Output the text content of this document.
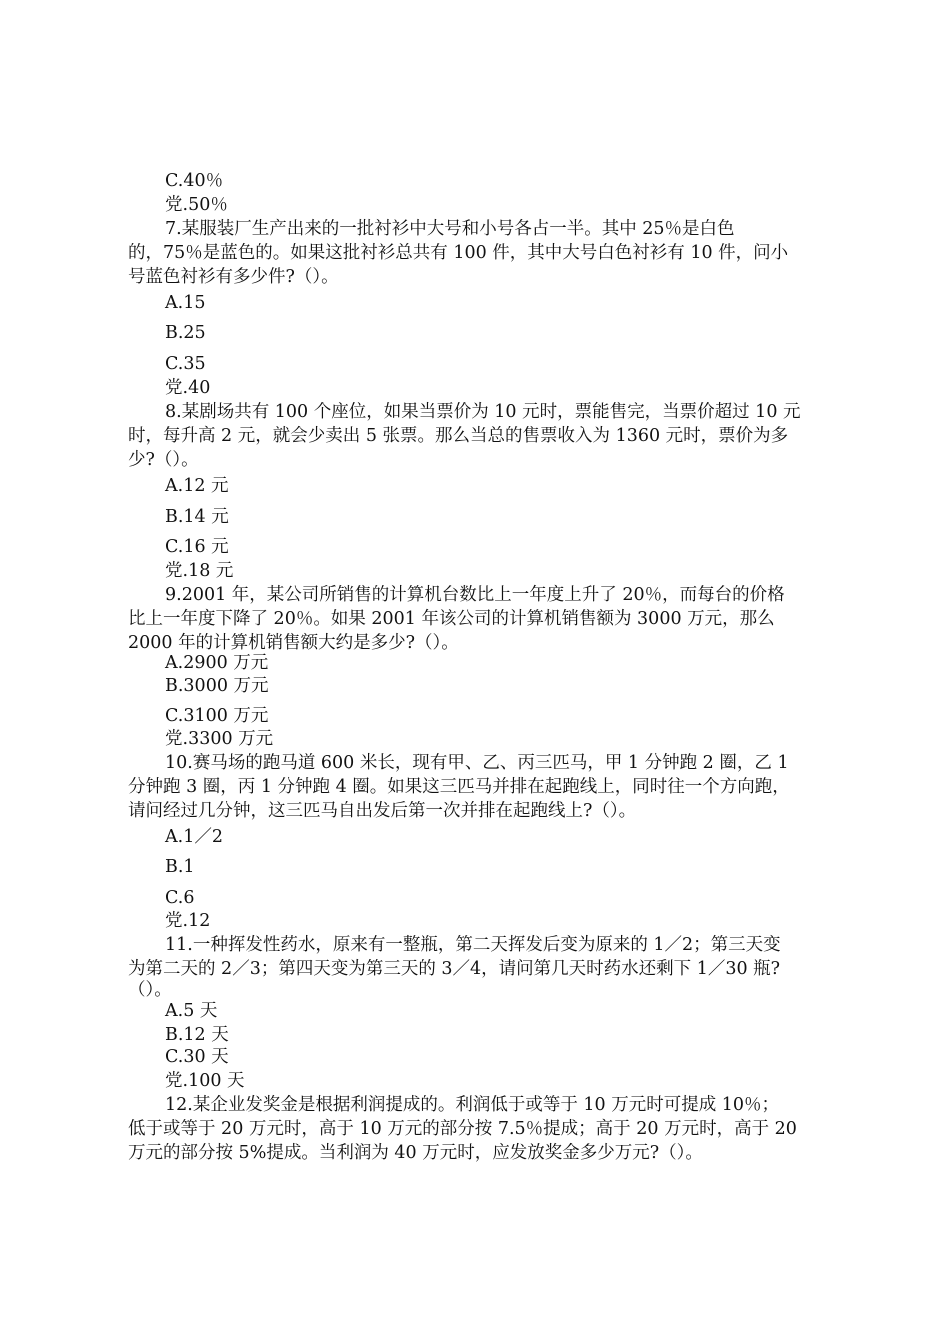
C.40％
党.50％
7.某服装厂生产出来的一批衬衫中大号和小号各占一半。其中 25％是白色
的，75％是蓝色的。如果这批衬衫总共有 100 件，其中大号白色衬衫有 10 件，问小
号蓝色衬衫有多少件?（）。
A.15
B.25
C.35
党.40
8.某剧场共有 100 个座位，如果当票价为 10 元时，票能售完，当票价超过 10 元
时，每升高 2 元，就会少卖出 5 张票。那么当总的售票收入为 1360 元时，票价为多
少?（）。
A.12 元
B.14 元
C.16 元
党.18 元
9.2001 年，某公司所销售的计算机台数比上一年度上升了 20％，而每台的价格
比上一年度下降了 20％。如果 2001 年该公司的计算机销售额为 3000 万元，那么
2000 年的计算机销售额大约是多少?（）。
A.2900 万元
B.3000 万元
C.3100 万元
党.3300 万元
10.赛马场的跑马道 600 米长，现有甲、乙、丙三匹马，甲 1 分钟跑 2 圈，乙 1
分钟跑 3 圈，丙 1 分钟跑 4 圈。如果这三匹马并排在起跑线上，同时往一个方向跑，
请问经过几分钟，这三匹马自出发后第一次并排在起跑线上?（）。
A.1／2
B.1
C.6
党.12
11.一种挥发性药水，原来有一整瓶，第二天挥发后变为原来的 1／2；第三天变
为第二天的 2／3；第四天变为第三天的 3／4，请问第几天时药水还剩下 1／30 瓶?
（）。
A.5 天
B.12 天
C.30 天
党.100 天
12.某企业发奖金是根据利润提成的。利润低于或等于 10 万元时可提成 10％；
低于或等于 20 万元时，高于 10 万元的部分按 7.5％提成；高于 20 万元时，高于 20
万元的部分按 5%提成。当利润为 40 万元时，应发放奖金多少万元?（）。
